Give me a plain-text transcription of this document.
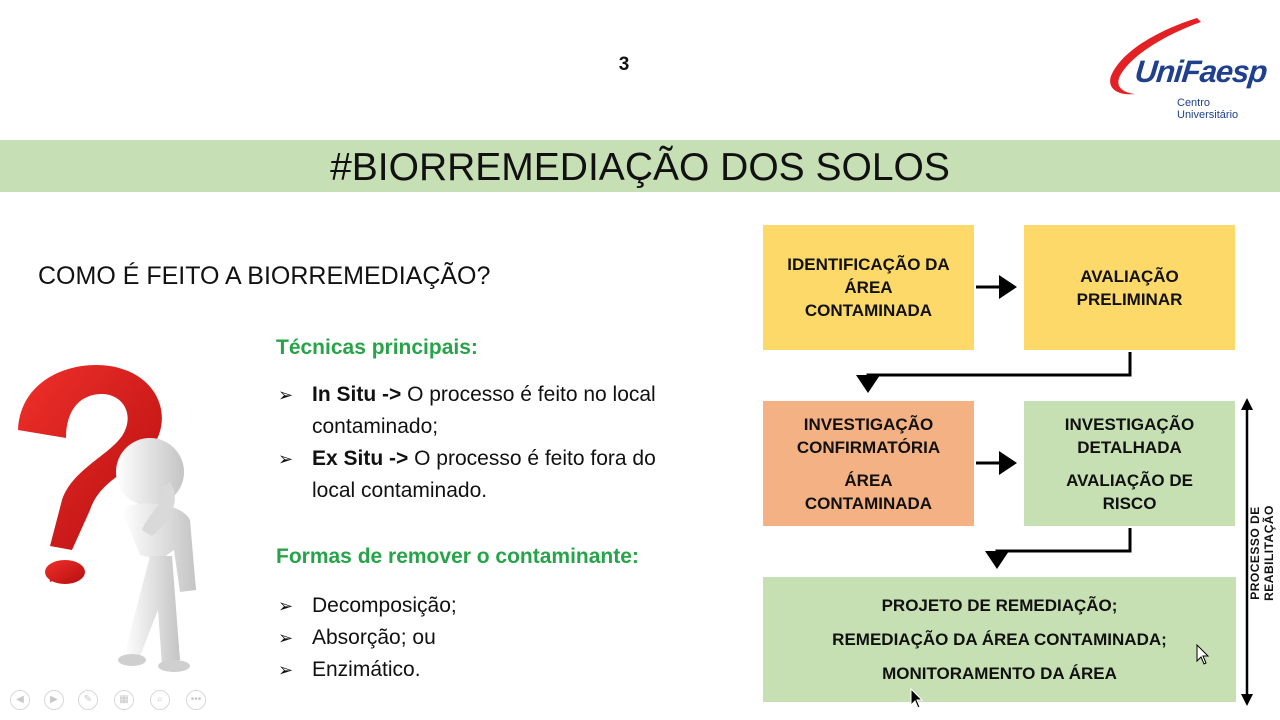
3	UniFaesp
Centro Universitário
#BIORREMEDIAÇÃO DOS SOLOS
COMO É FEITO A BIORREMEDIAÇÃO?
Técnicas principais:
➢ In Situ -> O processo é feito no local
contaminado;
➢ Ex Situ -> O processo é feito fora do
local contaminado.
Formas de remover o contaminante:
➢ Decomposição;
➢ Absorção; ou
➢ Enzimático.
IDENTIFICAÇÃO DA
ÁREA
CONTAMINADA
AVALIAÇÃO
PRELIMINAR
INVESTIGAÇÃO
CONFIRMATÓRIA
ÁREA
CONTAMINADA
INVESTIGAÇÃO
DETALHADA
AVALIAÇÃO DE
RISCO
PROJETO DE REMEDIAÇÃO;
REMEDIAÇÃO DA ÁREA CONTAMINADA;
MONITORAMENTO DA ÁREA
PROCESSO DE REABILITAÇÃO
◀	▶	✎	▦	⌕	•••
